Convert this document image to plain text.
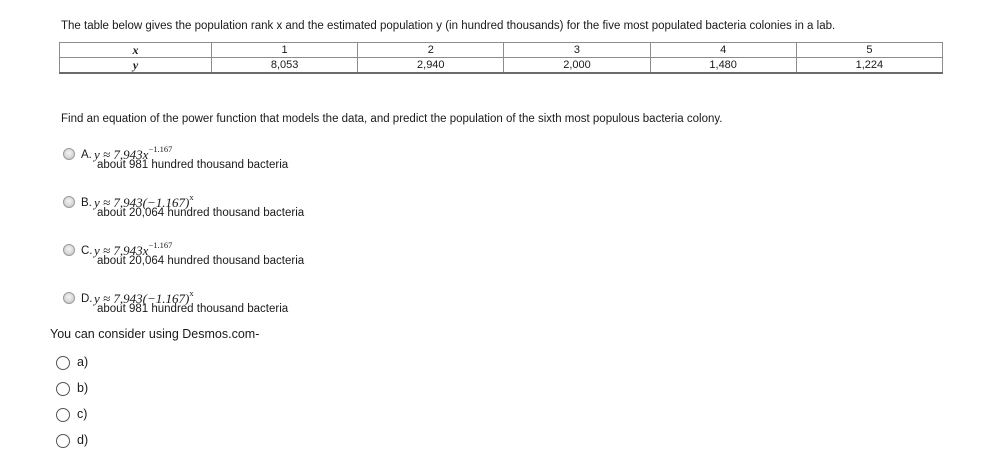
The table below gives the population rank x and the estimated population y (in hundred thousands) for the five most populated bacteria colonies in a lab.
x	1	2	3	4	5
y	8,053	2,940	2,000	1,480	1,224
Find an equation of the power function that models the data, and predict the population of the sixth most populous bacteria colony.
A. $y \approx 7,943x^{-1.167}$
about 981 hundred thousand bacteria
B. $y \approx 7,943(-1.167)^x$
about 20,064 hundred thousand bacteria
C. $y \approx 7,943x^{-1.167}$
about 20,064 hundred thousand bacteria
D. $y \approx 7,943(-1.167)^x$
about 981 hundred thousand bacteria
You can consider using Desmos.com-
a)
b)
c)
d)
